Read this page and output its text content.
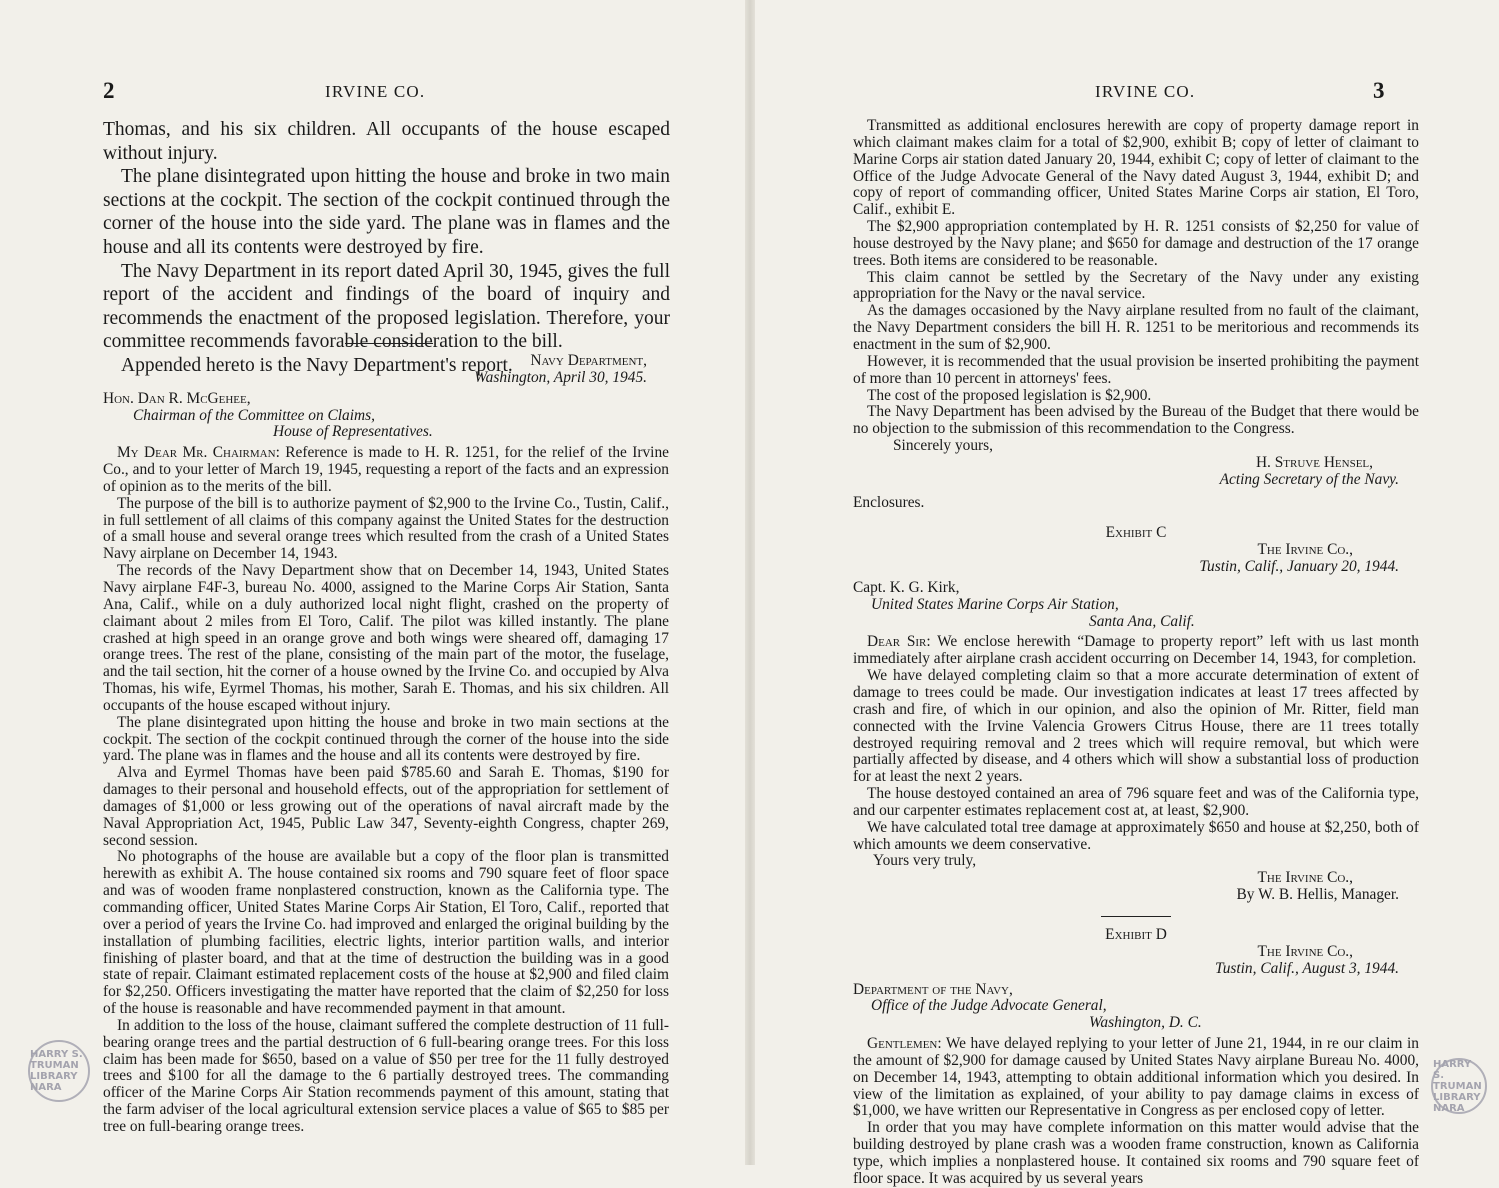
2	IRVINE CO.

Thomas, and his six children. All occupants of the house escaped without injury.

The plane disintegrated upon hitting the house and broke in two main sections at the cockpit. The section of the cockpit continued through the corner of the house into the side yard. The plane was in flames and the house and all its contents were destroyed by fire.

The Navy Department in its report dated April 30, 1945, gives the full report of the accident and findings of the board of inquiry and recommends the enactment of the proposed legislation. Therefore, your committee recommends favorable consideration to the bill.

Appended hereto is the Navy Department's report.	Navy Department,
Washington, April 30, 1945.
Hon. Dan R. McGehee,
Chairman of the Committee on Claims,
House of Representatives.

My Dear Mr. Chairman: Reference is made to H. R. 1251, for the relief of the Irvine Co., and to your letter of March 19, 1945, requesting a report of the facts and an expression of opinion as to the merits of the bill.

The purpose of the bill is to authorize payment of $2,900 to the Irvine Co., Tustin, Calif., in full settlement of all claims of this company against the United States for the destruction of a small house and several orange trees which resulted from the crash of a United States Navy airplane on December 14, 1943.

The records of the Navy Department show that on December 14, 1943, United States Navy airplane F4F-3, bureau No. 4000, assigned to the Marine Corps Air Station, Santa Ana, Calif., while on a duly authorized local night flight, crashed on the property of claimant about 2 miles from El Toro, Calif. The pilot was killed instantly. The plane crashed at high speed in an orange grove and both wings were sheared off, damaging 17 orange trees. The rest of the plane, consisting of the main part of the motor, the fuselage, and the tail section, hit the corner of a house owned by the Irvine Co. and occupied by Alva Thomas, his wife, Eyrmel Thomas, his mother, Sarah E. Thomas, and his six children. All occupants of the house escaped without injury.

The plane disintegrated upon hitting the house and broke in two main sections at the cockpit. The section of the cockpit continued through the corner of the house into the side yard. The plane was in flames and the house and all its contents were destroyed by fire.

Alva and Eyrmel Thomas have been paid $785.60 and Sarah E. Thomas, $190 for damages to their personal and household effects, out of the appropriation for settlement of damages of $1,000 or less growing out of the operations of naval aircraft made by the Naval Appropriation Act, 1945, Public Law 347, Seventy-eighth Congress, chapter 269, second session.

No photographs of the house are available but a copy of the floor plan is transmitted herewith as exhibit A. The house contained six rooms and 790 square feet of floor space and was of wooden frame nonplastered construction, known as the California type. The commanding officer, United States Marine Corps Air Station, El Toro, Calif., reported that over a period of years the Irvine Co. had improved and enlarged the original building by the installation of plumbing facilities, electric lights, interior partition walls, and interior finishing of plaster board, and that at the time of destruction the building was in a good state of repair. Claimant estimated replacement costs of the house at $2,900 and filed claim for $2,250. Officers investigating the matter have reported that the claim of $2,250 for loss of the house is reasonable and have recommended payment in that amount.

In addition to the loss of the house, claimant suffered the complete destruction of 11 full-bearing orange trees and the partial destruction of 6 full-bearing orange trees. For this loss claim has been made for $650, based on a value of $50 per tree for the 11 fully destroyed trees and $100 for all the damage to the 6 partially destroyed trees. The commanding officer of the Marine Corps Air Station recommends payment of this amount, stating that the farm adviser of the local agricultural extension service places a value of $65 to $85 per tree on full-bearing orange trees.

HARRY S. TRUMAN LIBRARY NARA
IRVINE CO.	3

Transmitted as additional enclosures herewith are copy of property damage report in which claimant makes claim for a total of $2,900, exhibit B; copy of letter of claimant to Marine Corps air station dated January 20, 1944, exhibit C; copy of letter of claimant to the Office of the Judge Advocate General of the Navy dated August 3, 1944, exhibit D; and copy of report of commanding officer, United States Marine Corps air station, El Toro, Calif., exhibit E.

The $2,900 appropriation contemplated by H. R. 1251 consists of $2,250 for value of house destroyed by the Navy plane; and $650 for damage and destruction of the 17 orange trees. Both items are considered to be reasonable.

This claim cannot be settled by the Secretary of the Navy under any existing appropriation for the Navy or the naval service.

As the damages occasioned by the Navy airplane resulted from no fault of the claimant, the Navy Department considers the bill H. R. 1251 to be meritorious and recommends its enactment in the sum of $2,900.

However, it is recommended that the usual provision be inserted prohibiting the payment of more than 10 percent in attorneys' fees.

The cost of the proposed legislation is $2,900.

The Navy Department has been advised by the Bureau of the Budget that there would be no objection to the submission of this recommendation to the Congress.

Sincerely yours,
H. Struve Hensel,
Acting Secretary of the Navy.
Enclosures.
Exhibit C
The Irvine Co.,
Tustin, Calif., January 20, 1944.
Capt. K. G. Kirk,
United States Marine Corps Air Station,
Santa Ana, Calif.

Dear Sir: We enclose herewith “Damage to property report” left with us last month immediately after airplane crash accident occurring on December 14, 1943, for completion.

We have delayed completing claim so that a more accurate determination of extent of damage to trees could be made. Our investigation indicates at least 17 trees affected by crash and fire, of which in our opinion, and also the opinion of Mr. Ritter, field man connected with the Irvine Valencia Growers Citrus House, there are 11 trees totally destroyed requiring removal and 2 trees which will require removal, but which were partially affected by disease, and 4 others which will show a substantial loss of production for at least the next 2 years.

The house destoyed contained an area of 796 square feet and was of the California type, and our carpenter estimates replacement cost at, at least, $2,900.

We have calculated total tree damage at approximately $650 and house at $2,250, both of which amounts we deem conservative.

Yours very truly,
The Irvine Co.,
By W. B. Hellis, Manager.
Exhibit D
The Irvine Co.,
Tustin, Calif., August 3, 1944.
Department of the Navy,
Office of the Judge Advocate General,
Washington, D. C.

Gentlemen: We have delayed replying to your letter of June 21, 1944, in re our claim in the amount of $2,900 for damage caused by United States Navy airplane Bureau No. 4000, on December 14, 1943, attempting to obtain additional information which you desired. In view of the limitation as explained, of your ability to pay damage claims in excess of $1,000, we have written our Representative in Congress as per enclosed copy of letter.

In order that you may have complete information on this matter would advise that the building destroyed by plane crash was a wooden frame construction, known as California type, which implies a nonplastered house. It contained six rooms and 790 square feet of floor space. It was acquired by us several years

HARRY S. TRUMAN LIBRARY NARA
